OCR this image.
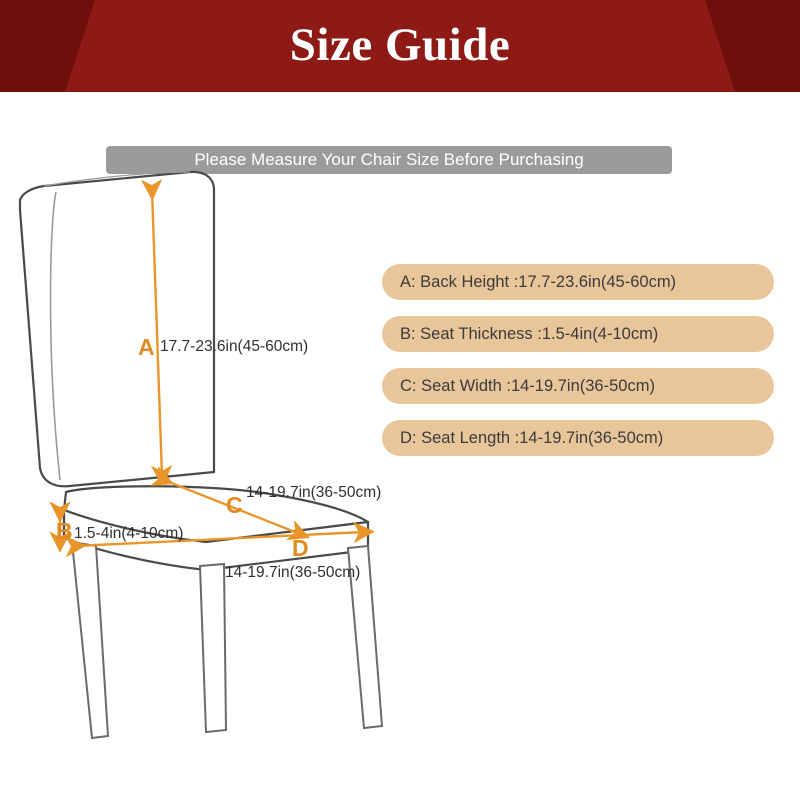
Size Guide
Please Measure Your Chair Size Before Purchasing
A 17.7-23.6in(45-60cm)
B 1.5-4in(4-10cm)
C 14-19.7in(36-50cm)
D
14-19.7in(36-50cm)
A: Back Height :17.7-23.6in(45-60cm)
B: Seat Thickness :1.5-4in(4-10cm)
C: Seat Width :14-19.7in(36-50cm)
D: Seat Length :14-19.7in(36-50cm)
